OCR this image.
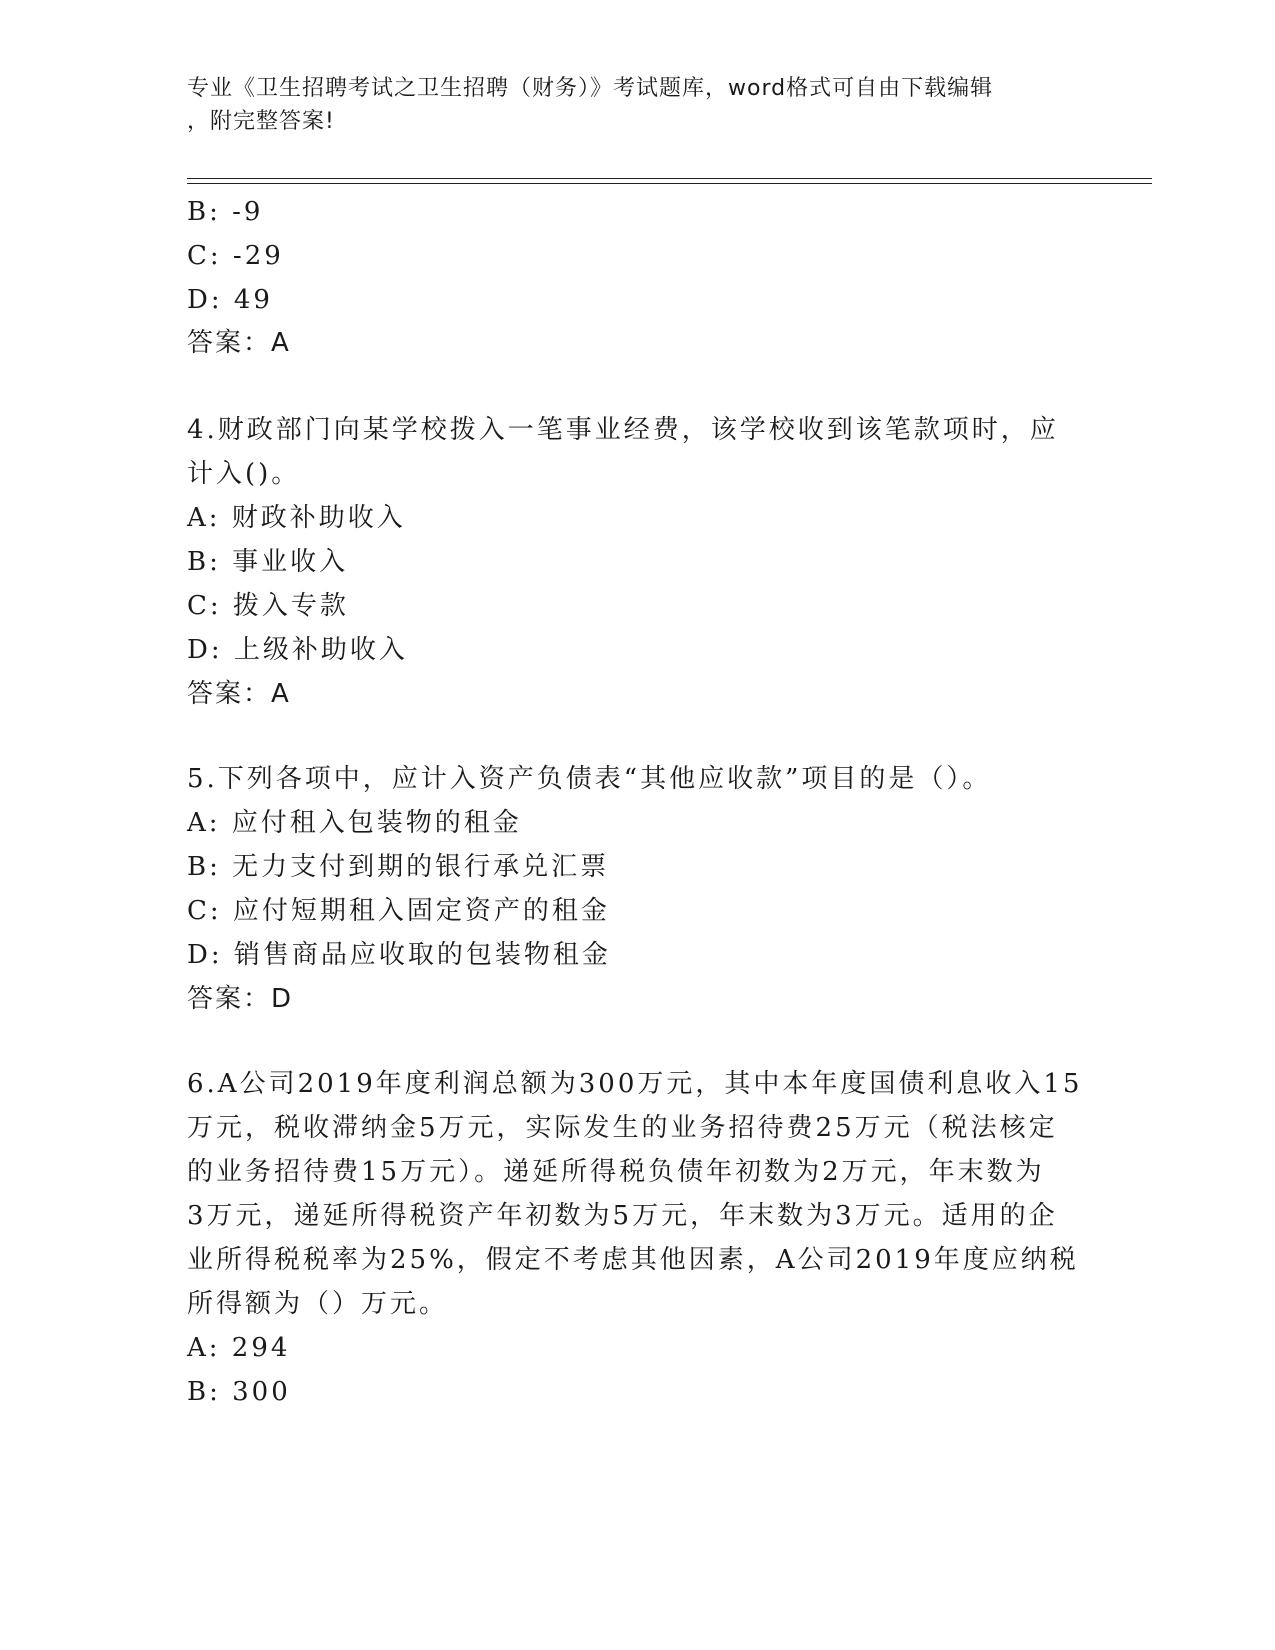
专业《卫生招聘考试之卫生招聘（财务）》考试题库，word格式可自由下载编辑
，附完整答案!
B: -9
C: -29
D: 49
答案：A
4.财政部门向某学校拨入一笔事业经费，该学校收到该笔款项时，应
计入()。
A: 财政补助收入
B: 事业收入
C: 拨入专款
D: 上级补助收入
答案：A
5.下列各项中，应计入资产负债表“其他应收款”项目的是（）。
A: 应付租入包装物的租金
B: 无力支付到期的银行承兑汇票
C: 应付短期租入固定资产的租金
D: 销售商品应收取的包装物租金
答案：D
6.A公司2019年度利润总额为300万元，其中本年度国债利息收入15
万元，税收滞纳金5万元，实际发生的业务招待费25万元（税法核定
的业务招待费15万元）。递延所得税负债年初数为2万元，年末数为
3万元，递延所得税资产年初数为5万元，年末数为3万元。适用的企
业所得税税率为25%，假定不考虑其他因素，A公司2019年度应纳税
所得额为（）万元。
A: 294
B: 300
